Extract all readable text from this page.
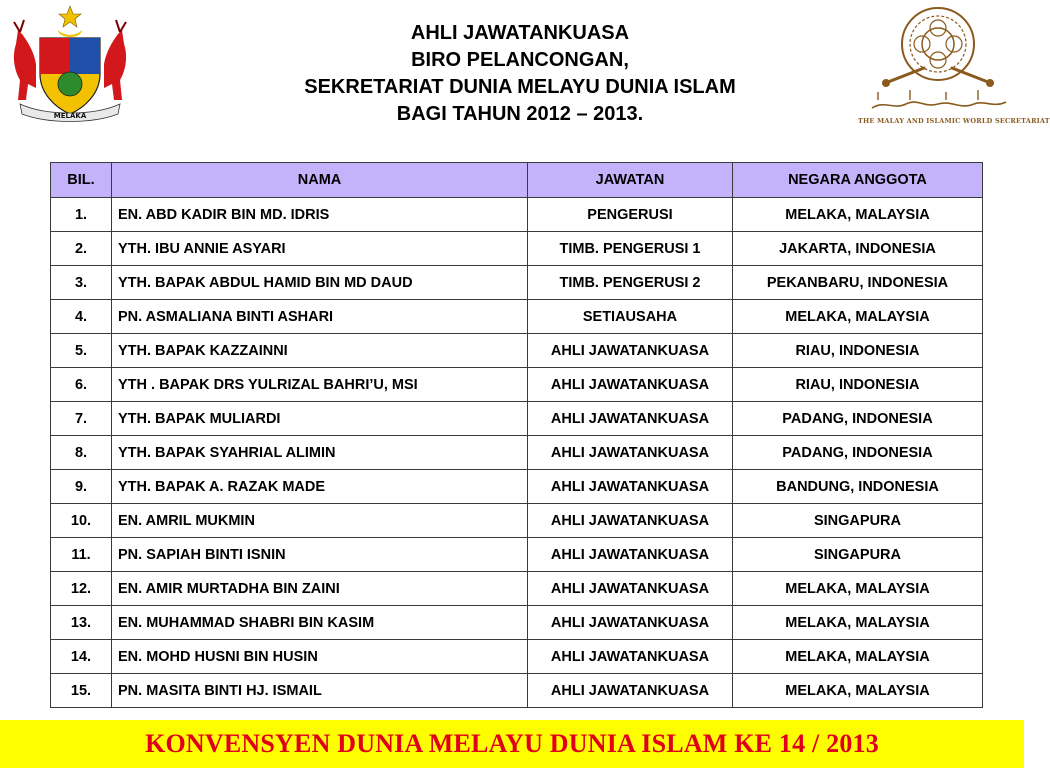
MELAKA
AHLI JAWATANKUASA
BIRO PELANCONGAN,
SEKRETARIAT DUNIA MELAYU DUNIA ISLAM
BAGI TAHUN 2012 – 2013.	THE MALAY AND ISLAMIC WORLD SECRETARIAT
BIL.	NAMA	JAWATAN	NEGARA ANGGOTA
1.	EN. ABD KADIR BIN MD. IDRIS	PENGERUSI	MELAKA, MALAYSIA
2.	YTH. IBU ANNIE ASYARI	TIMB. PENGERUSI 1	JAKARTA, INDONESIA
3.	YTH. BAPAK ABDUL HAMID BIN MD DAUD	TIMB. PENGERUSI 2	PEKANBARU, INDONESIA
4.	PN. ASMALIANA BINTI ASHARI	SETIAUSAHA	MELAKA, MALAYSIA
5.	YTH. BAPAK KAZZAINNI	AHLI JAWATANKUASA	RIAU, INDONESIA
6.	YTH . BAPAK DRS YULRIZAL BAHRI’U, MSI	AHLI JAWATANKUASA	RIAU, INDONESIA
7.	YTH. BAPAK MULIARDI	AHLI JAWATANKUASA	PADANG, INDONESIA
8.	YTH. BAPAK SYAHRIAL ALIMIN	AHLI JAWATANKUASA	PADANG, INDONESIA
9.	YTH. BAPAK A. RAZAK MADE	AHLI JAWATANKUASA	BANDUNG, INDONESIA
10.	EN. AMRIL MUKMIN	AHLI JAWATANKUASA	SINGAPURA
11.	PN. SAPIAH BINTI ISNIN	AHLI JAWATANKUASA	SINGAPURA
12.	EN. AMIR MURTADHA BIN ZAINI	AHLI JAWATANKUASA	MELAKA, MALAYSIA
13.	EN. MUHAMMAD SHABRI BIN KASIM	AHLI JAWATANKUASA	MELAKA, MALAYSIA
14.	EN. MOHD HUSNI BIN HUSIN	AHLI JAWATANKUASA	MELAKA, MALAYSIA
15.	PN. MASITA BINTI HJ. ISMAIL	AHLI JAWATANKUASA	MELAKA, MALAYSIA
KONVENSYEN DUNIA MELAYU DUNIA ISLAM KE 14 / 2013
